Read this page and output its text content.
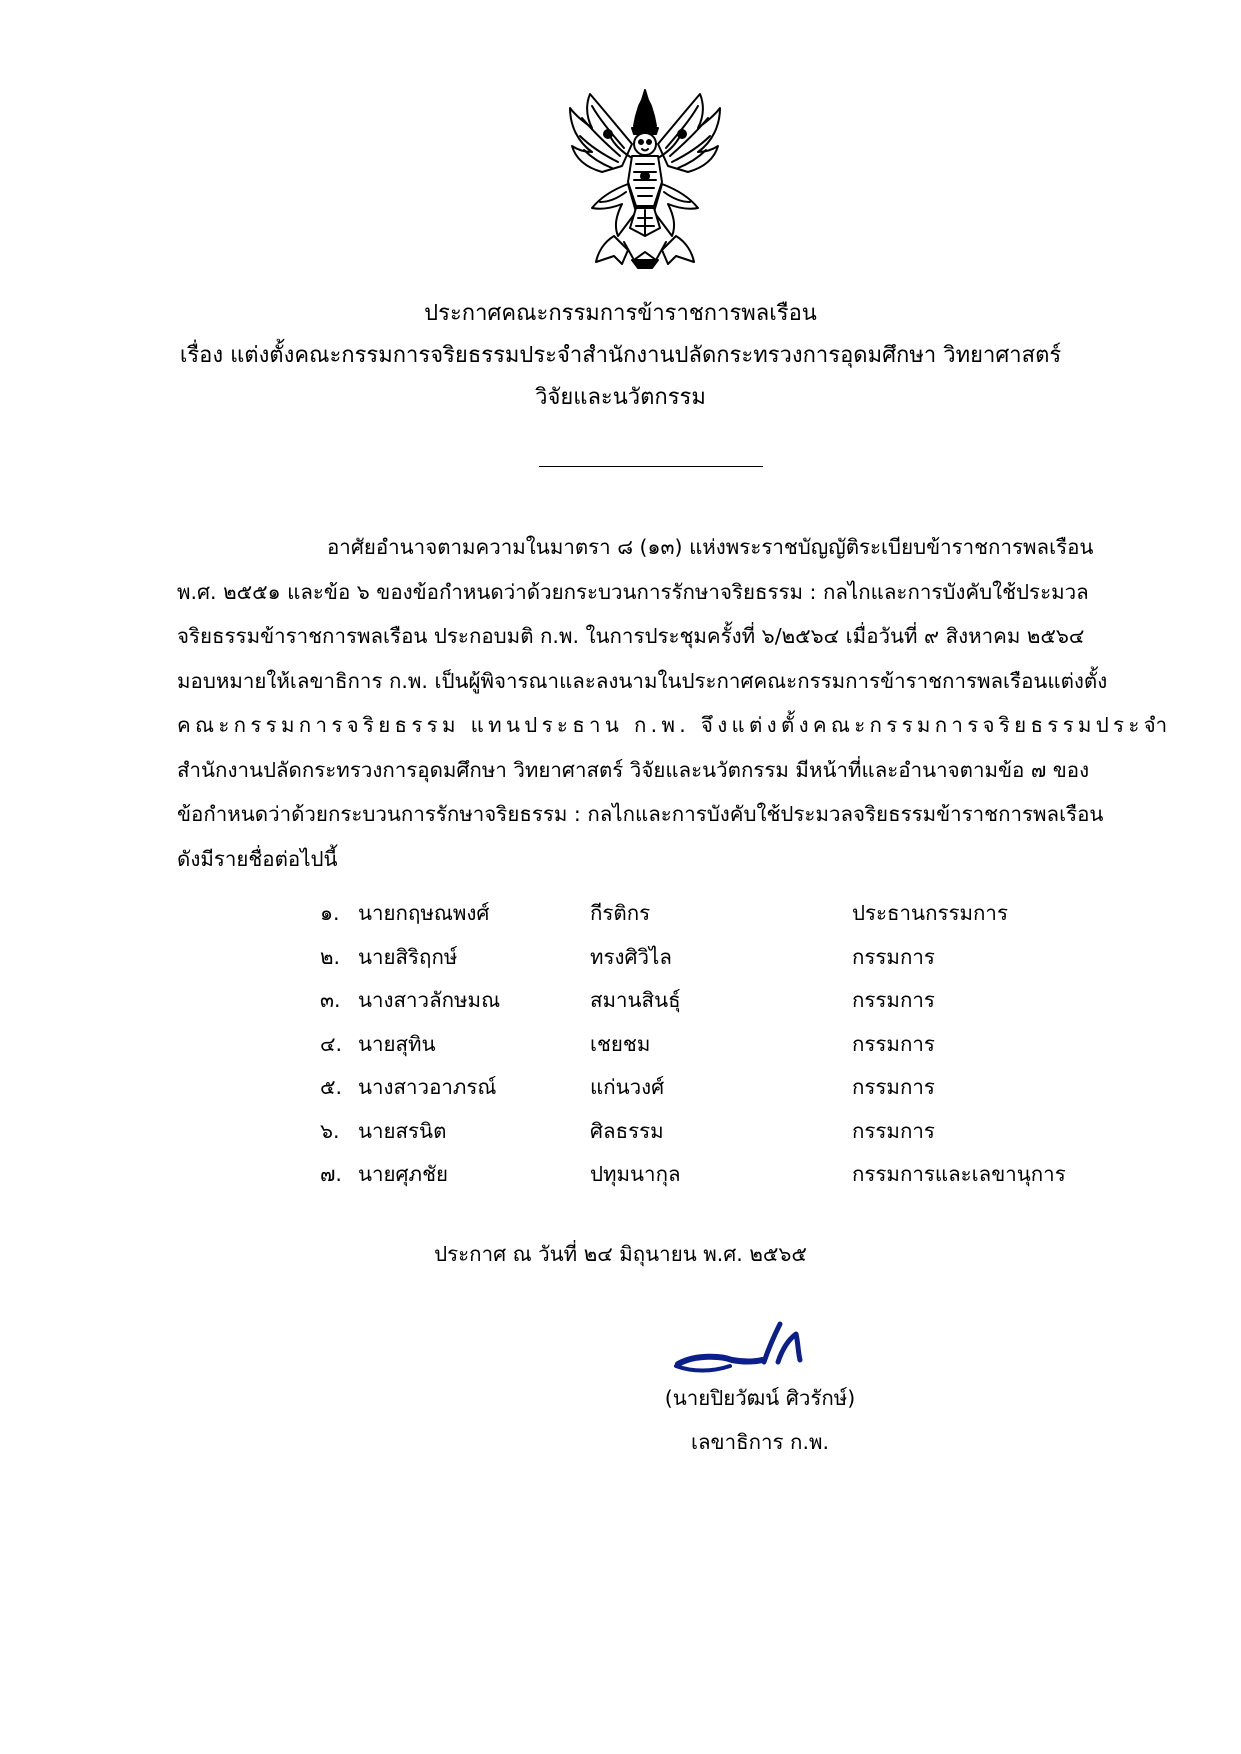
ประกาศคณะกรรมการข้าราชการพลเรือน
เรื่อง แต่งตั้งคณะกรรมการจริยธรรมประจำสำนักงานปลัดกระทรวงการอุดมศึกษา วิทยาศาสตร์
วิจัยและนวัตกรรม
อาศัยอำนาจตามความในมาตรา ๘ (๑๓) แห่งพระราชบัญญัติระเบียบข้าราชการพลเรือน
พ.ศ. ๒๕๕๑ และข้อ ๖ ของข้อกำหนดว่าด้วยกระบวนการรักษาจริยธรรม : กลไกและการบังคับใช้ประมวล
จริยธรรมข้าราชการพลเรือน ประกอบมติ ก.พ. ในการประชุมครั้งที่ ๖/๒๕๖๔ เมื่อวันที่ ๙ สิงหาคม ๒๕๖๔
มอบหมายให้เลขาธิการ ก.พ. เป็นผู้พิจารณาและลงนามในประกาศคณะกรรมการข้าราชการพลเรือนแต่งตั้ง
คณะกรรมการจริยธรรม แทนประธาน ก.พ. จึงแต่งตั้งคณะกรรมการจริยธรรมประจำ
สำนักงานปลัดกระทรวงการอุดมศึกษา วิทยาศาสตร์ วิจัยและนวัตกรรม มีหน้าที่และอำนาจตามข้อ ๗ ของ
ข้อกำหนดว่าด้วยกระบวนการรักษาจริยธรรม : กลไกและการบังคับใช้ประมวลจริยธรรมข้าราชการพลเรือน
ดังมีรายชื่อต่อไปนี้
๑. นายกฤษณพงศ์	กีรติกร	ประธานกรรมการ
๒. นายสิริฤกษ์	ทรงศิวิไล	กรรมการ
๓. นางสาวลักษมณ	สมานสินธุ์	กรรมการ
๔. นายสุทิน	เชยชม	กรรมการ
๕. นางสาวอาภรณ์	แก่นวงศ์	กรรมการ
๖. นายสรนิต	ศิลธรรม	กรรมการ
๗. นายศุภชัย	ปทุมนากุล	กรรมการและเลขานุการ
ประกาศ ณ วันที่ ๒๔ มิถุนายน พ.ศ. ๒๕๖๕
(นายปิยวัฒน์ ศิวรักษ์)
เลขาธิการ ก.พ.
